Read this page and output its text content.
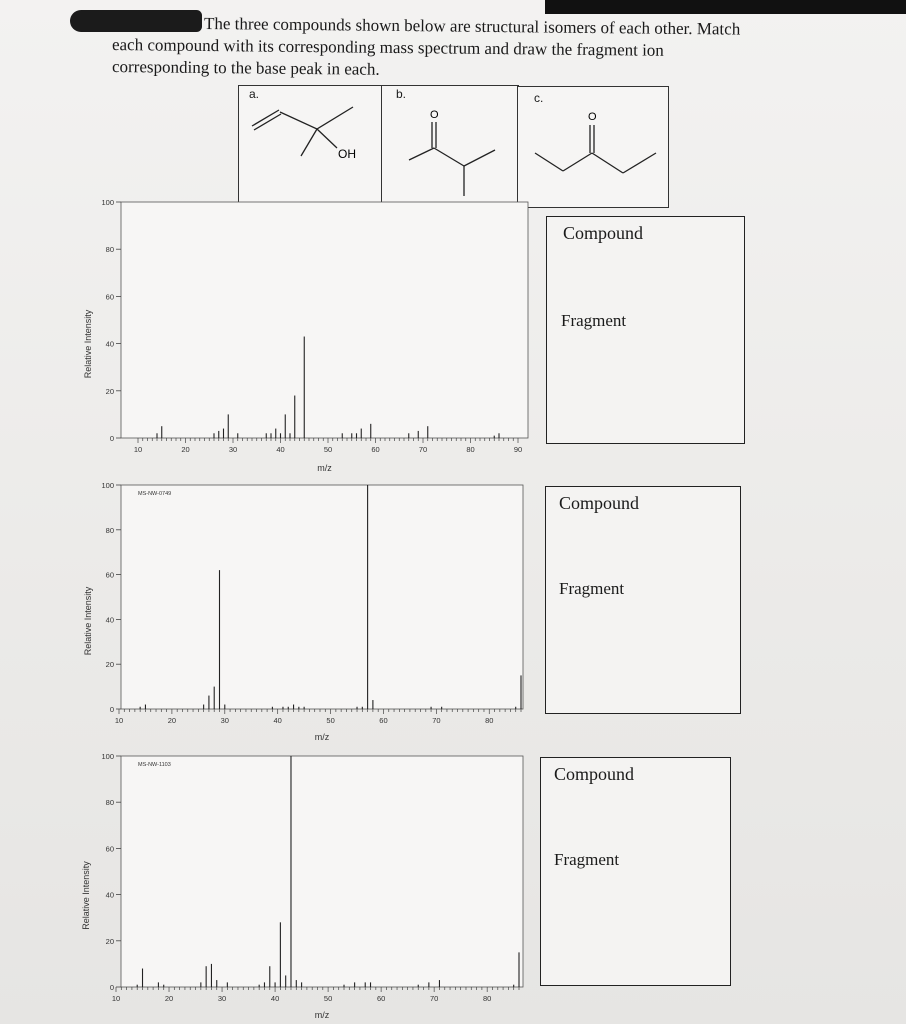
The three compounds shown below are structural isomers of each other. Match
each compound with its corresponding mass spectrum and draw the fragment ion
corresponding to the base peak in each.

a.
OH
b.
O
c.
O
10	20	30	40	50	60	70	80	90
0
20
40
60
80
100
m/z
Relative Intensity
10	20	30	40	50	60	70	80
0
20
40
60
80
100
m/z
Relative Intensity
MS-NW-0749
10	20	30	40	50	60	70	80
0
20
40
60
80
100
m/z
Relative Intensity
MS-NW-1103
Compound
Fragment
Compound
Fragment
Compound
Fragment
